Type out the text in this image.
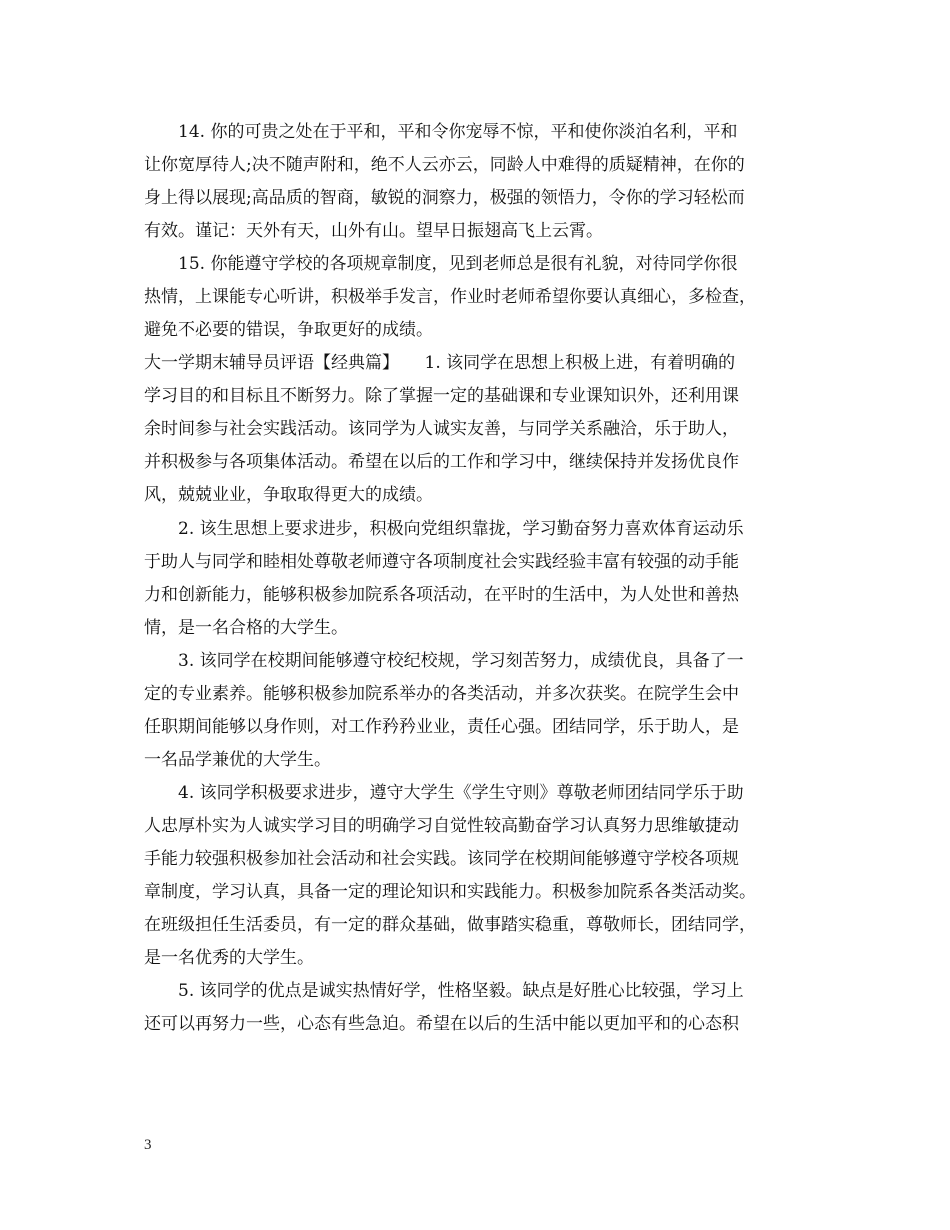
14. 你的可贵之处在于平和，平和令你宠辱不惊，平和使你淡泊名利，平和
让你宽厚待人;决不随声附和，绝不人云亦云，同龄人中难得的质疑精神，在你的
身上得以展现;高品质的智商，敏锐的洞察力，极强的领悟力，令你的学习轻松而
有效。谨记：天外有天，山外有山。望早日振翅高飞上云霄。
15. 你能遵守学校的各项规章制度，见到老师总是很有礼貌，对待同学你很
热情，上课能专心听讲，积极举手发言，作业时老师希望你要认真细心，多检查，
避免不必要的错误，争取更好的成绩。
大一学期末辅导员评语【经典篇】　　1. 该同学在思想上积极上进，有着明确的
学习目的和目标且不断努力。除了掌握一定的基础课和专业课知识外，还利用课
余时间参与社会实践活动。该同学为人诚实友善，与同学关系融洽，乐于助人，
并积极参与各项集体活动。希望在以后的工作和学习中，继续保持并发扬优良作
风，兢兢业业，争取取得更大的成绩。
2. 该生思想上要求进步，积极向党组织靠拢，学习勤奋努力喜欢体育运动乐
于助人与同学和睦相处尊敬老师遵守各项制度社会实践经验丰富有较强的动手能
力和创新能力，能够积极参加院系各项活动，在平时的生活中，为人处世和善热
情，是一名合格的大学生。
3. 该同学在校期间能够遵守校纪校规，学习刻苦努力，成绩优良，具备了一
定的专业素养。能够积极参加院系举办的各类活动，并多次获奖。在院学生会中
任职期间能够以身作则，对工作矜矜业业，责任心强。团结同学，乐于助人，是
一名品学兼优的大学生。
4. 该同学积极要求进步，遵守大学生《学生守则》尊敬老师团结同学乐于助
人忠厚朴实为人诚实学习目的明确学习自觉性较高勤奋学习认真努力思维敏捷动
手能力较强积极参加社会活动和社会实践。该同学在校期间能够遵守学校各项规
章制度，学习认真，具备一定的理论知识和实践能力。积极参加院系各类活动奖。
在班级担任生活委员，有一定的群众基础，做事踏实稳重，尊敬师长，团结同学，
是一名优秀的大学生。
5. 该同学的优点是诚实热情好学，性格坚毅。缺点是好胜心比较强，学习上
还可以再努力一些，心态有些急迫。希望在以后的生活中能以更加平和的心态积
3
